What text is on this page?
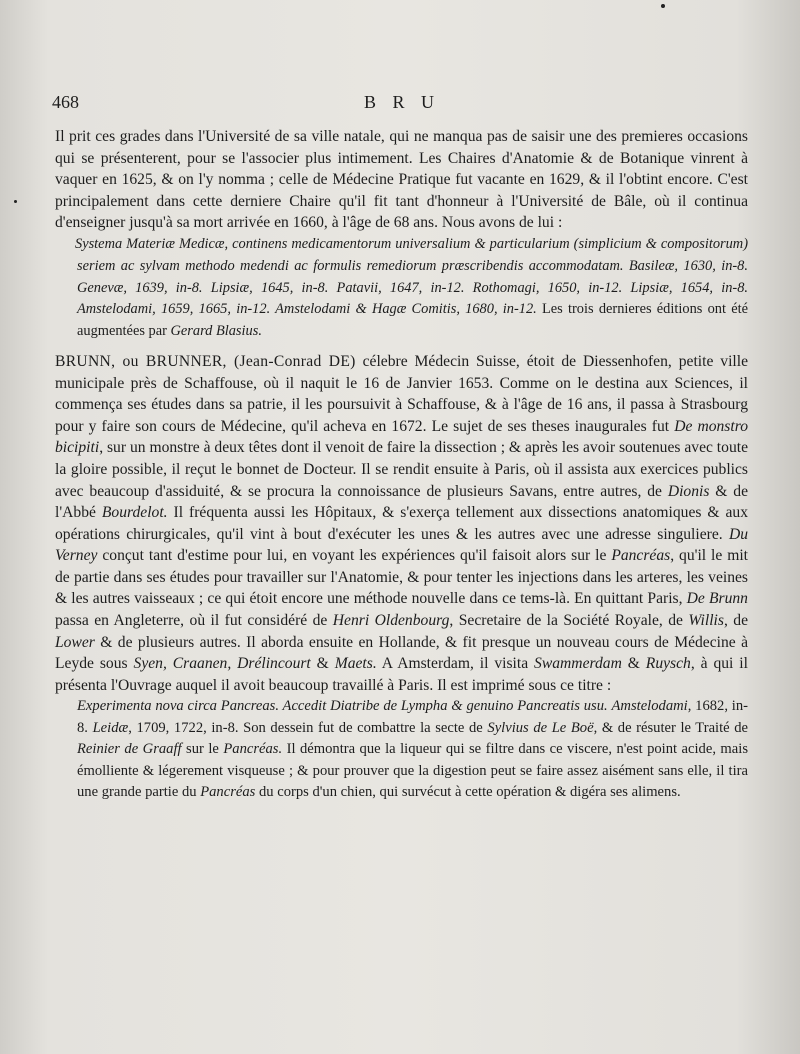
468	B R U

Il prit ces grades dans l'Université de sa ville natale, qui ne manqua pas de saisir une des premieres occasions qui se présenterent, pour se l'associer plus intimement. Les Chaires d'Anatomie & de Botanique vinrent à vaquer en 1625, & on l'y nomma ; celle de Médecine Pratique fut vacante en 1629, & il l'obtint encore. C'est principalement dans cette derniere Chaire qu'il fit tant d'honneur à l'Université de Bâle, où il continua d'enseigner jusqu'à sa mort arrivée en 1660, à l'âge de 68 ans. Nous avons de lui :

Systema Materiæ Medicæ, continens medicamentorum universalium & particularium (simplicium & compositorum) seriem ac sylvam methodo medendi ac formulis remediorum præscribendis accommodatam. Basileæ, 1630, in-8. Genevæ, 1639, in-8. Lipsiæ, 1645, in-8. Patavii, 1647, in-12. Rothomagi, 1650, in-12. Lipsiæ, 1654, in-8. Amstelodami, 1659, 1665, in-12. Amstelodami & Hagæ Comitis, 1680, in-12. Les trois dernieres éditions ont été augmentées par Gerard Blasius.

BRUNN, ou BRUNNER, (Jean-Conrad DE) célebre Médecin Suisse, étoit de Diessenhofen, petite ville municipale près de Schaffouse, où il naquit le 16 de Janvier 1653. Comme on le destina aux Sciences, il commença ses études dans sa patrie, il les poursuivit à Schaffouse, & à l'âge de 16 ans, il passa à Strasbourg pour y faire son cours de Médecine, qu'il acheva en 1672. Le sujet de ses theses inaugurales fut De monstro bicipiti, sur un monstre à deux têtes dont il venoit de faire la dissection ; & après les avoir soutenues avec toute la gloire possible, il reçut le bonnet de Docteur. Il se rendit ensuite à Paris, où il assista aux exercices publics avec beaucoup d'assiduité, & se procura la connoissance de plusieurs Savans, entre autres, de Dionis & de l'Abbé Bourdelot. Il fréquenta aussi les Hôpitaux, & s'exerça tellement aux dissections anatomiques & aux opérations chirurgicales, qu'il vint à bout d'exécuter les unes & les autres avec une adresse singuliere. Du Verney conçut tant d'estime pour lui, en voyant les expériences qu'il faisoit alors sur le Pancréas, qu'il le mit de partie dans ses études pour travailler sur l'Anatomie, & pour tenter les injections dans les arteres, les veines & les autres vaisseaux ; ce qui étoit encore une méthode nouvelle dans ce tems-là. En quittant Paris, De Brunn passa en Angleterre, où il fut considéré de Henri Oldenbourg, Secretaire de la Société Royale, de Willis, de Lower & de plusieurs autres. Il aborda ensuite en Hollande, & fit presque un nouveau cours de Médecine à Leyde sous Syen, Craanen, Drélincourt & Maets. A Amsterdam, il visita Swammerdam & Ruysch, à qui il présenta l'Ouvrage auquel il avoit beaucoup travaillé à Paris. Il est imprimé sous ce titre :

Experimenta nova circa Pancreas. Accedit Diatribe de Lympha & genuino Pancreatis usu. Amstelodami, 1682, in-8. Leidæ, 1709, 1722, in-8. Son dessein fut de combattre la secte de Sylvius de Le Boë, & de résuter le Traité de Reinier de Graaff sur le Pancréas. Il démontra que la liqueur qui se filtre dans ce viscere, n'est point acide, mais émolliente & légerement visqueuse ; & pour prouver que la digestion peut se faire assez aisément sans elle, il tira une grande partie du Pancréas du corps d'un chien, qui survécut à cette opération & digéra ses alimens.
